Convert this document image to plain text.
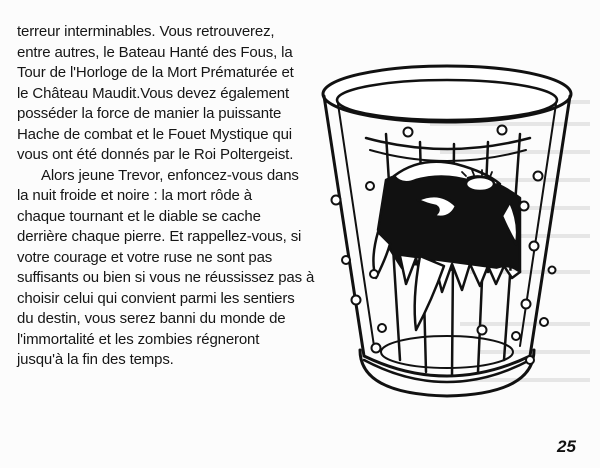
terreur interminables. Vous retrouverez,
entre autres, le Bateau Hanté des Fous, la
Tour de l'Horloge de la Mort Prématurée et
le Château Maudit.Vous devez également
posséder la force de manier la puissante
Hache de combat et le Fouet Mystique qui
vous ont été donnés par le Roi Poltergeist.
Alors jeune Trevor, enfoncez-vous dans
la nuit froide et noire : la mort rôde à
chaque tournant et le diable se cache
derrière chaque pierre. Et rappellez-vous, si
votre courage et votre ruse ne sont pas
suffisants ou bien si vous ne réussissez pas à
choisir celui qui convient parmi les sentiers
du destin, vous serez banni du monde de
l'immortalité et les zombies régneront
jusqu'à la fin des temps.
25
